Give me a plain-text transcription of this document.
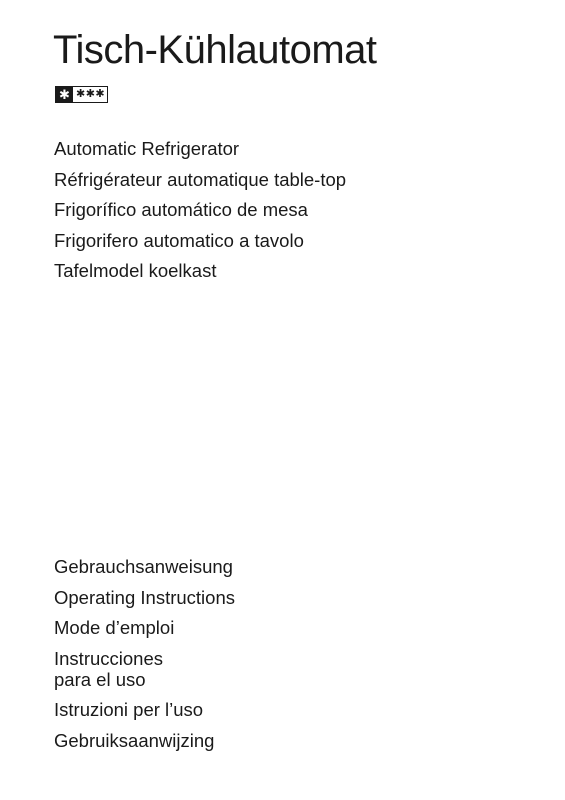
Tisch-Kühlautomat
✱ ✱✱✱
Automatic Refrigerator
Réfrigérateur automatique table-top
Frigorífico automático de mesa
Frigorifero automatico a tavolo
Tafelmodel koelkast
Gebrauchsanweisung
Operating Instructions
Mode d’emploi
Instrucciones
para el uso
Istruzioni per l’uso
Gebruiksaanwijzing
